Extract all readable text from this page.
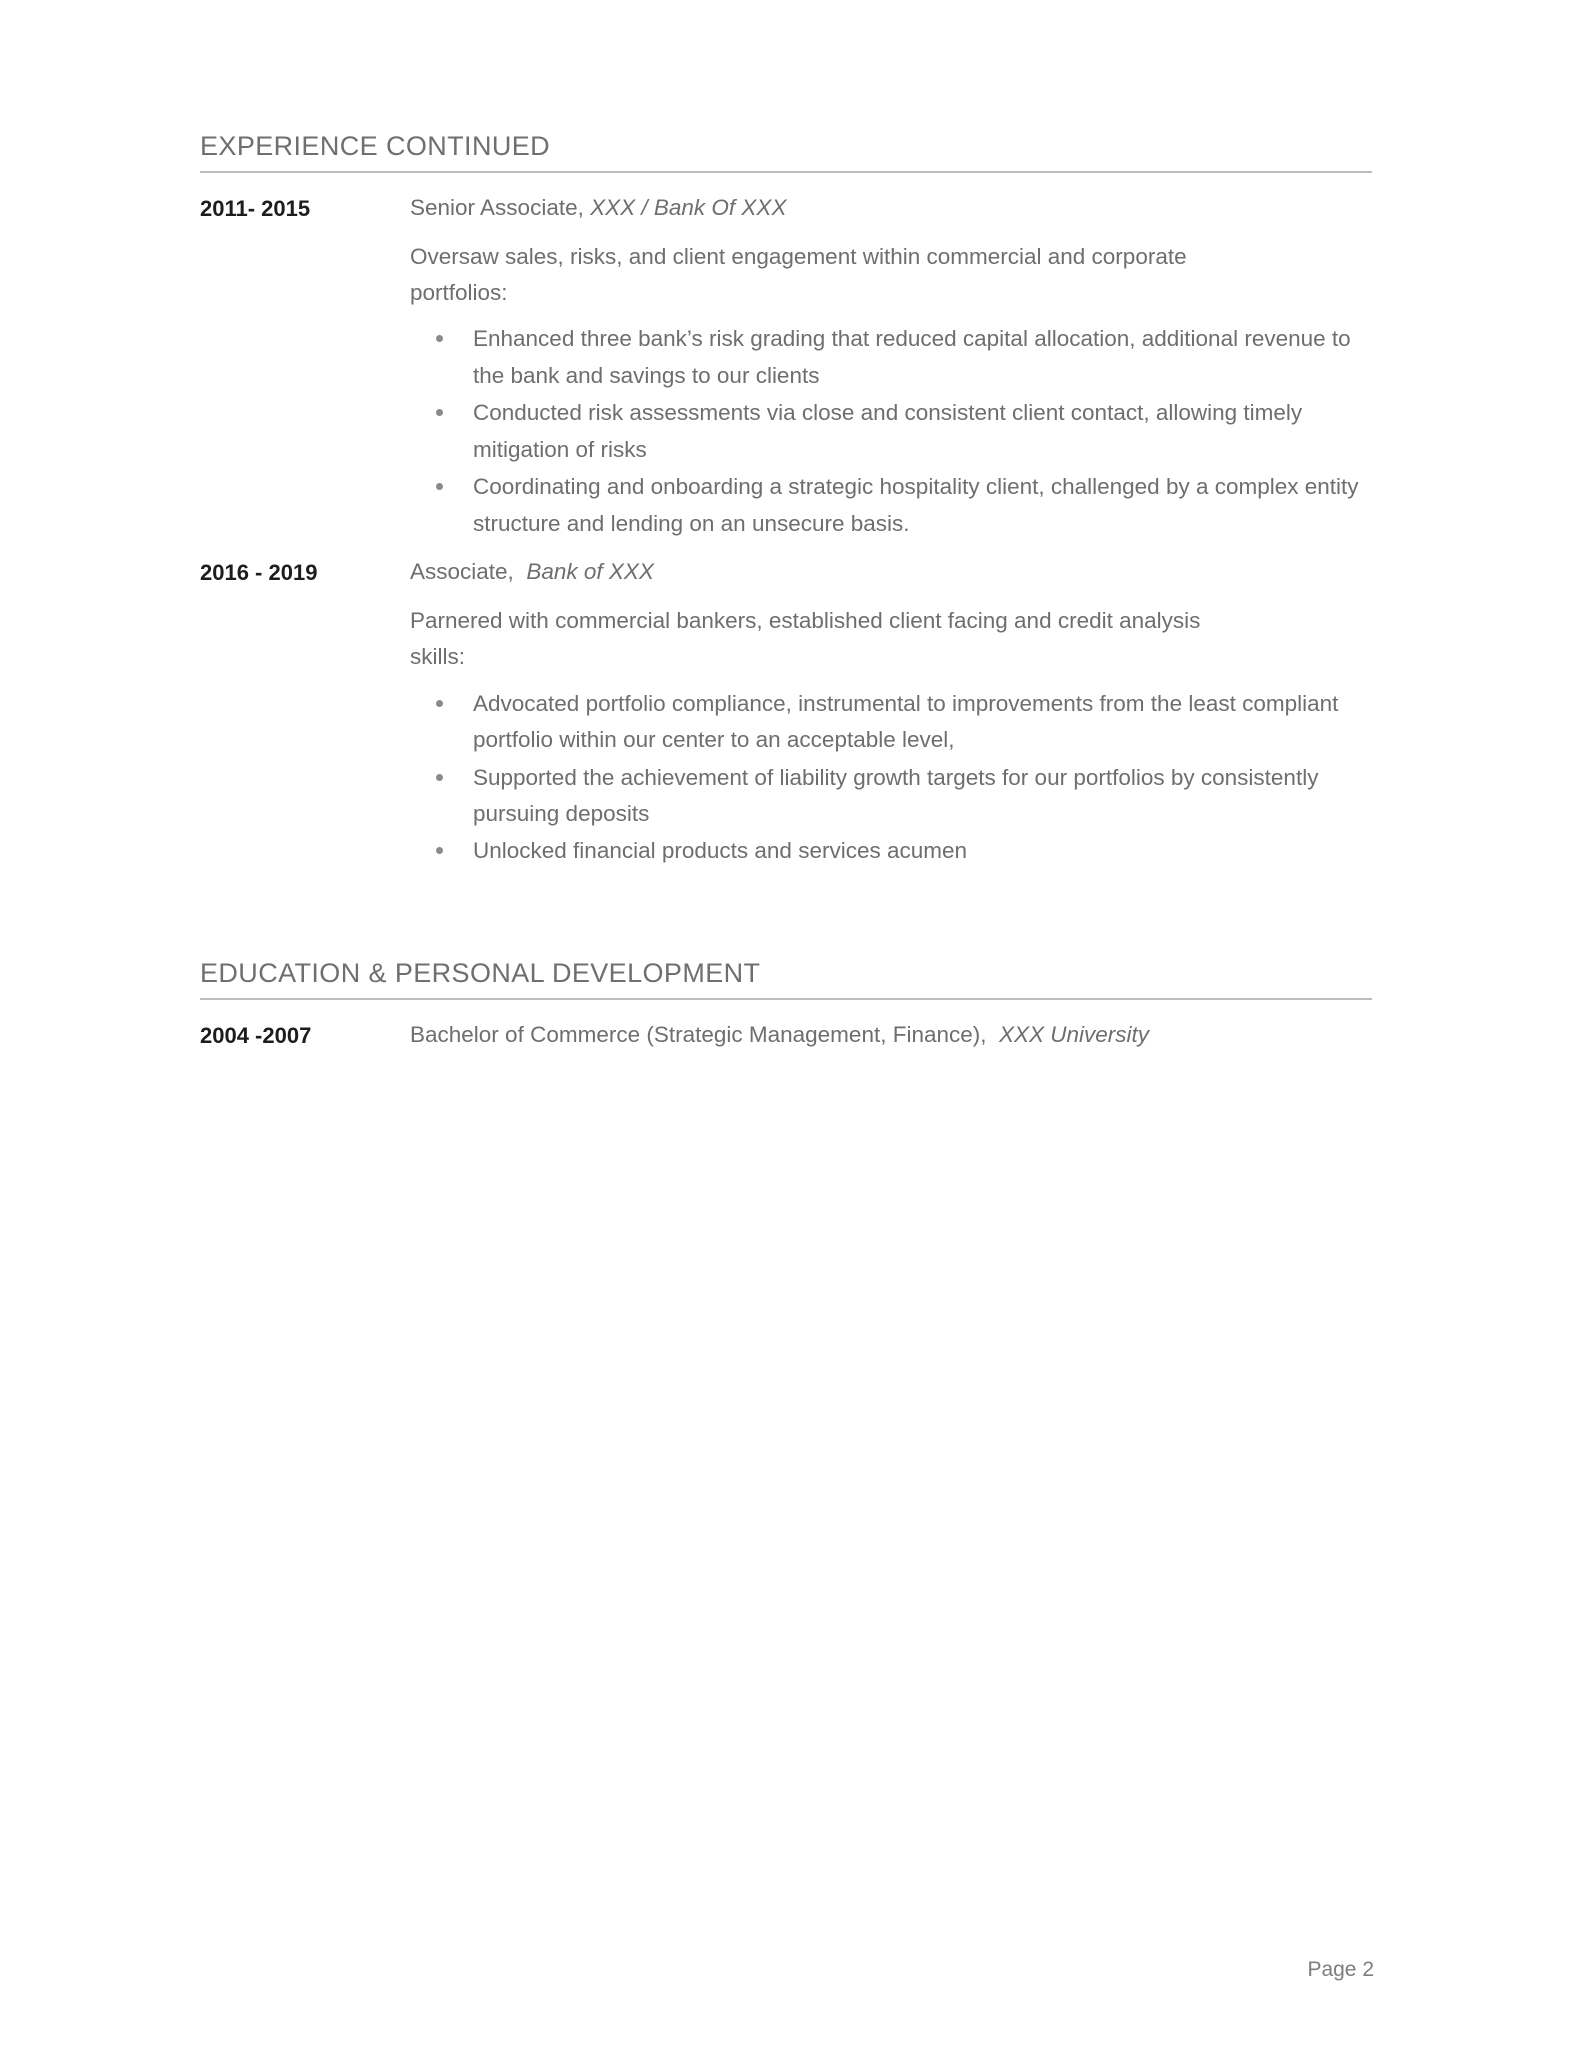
EXPERIENCE CONTINUED
2011- 2015	Senior Associate, XXX / Bank Of XXX
Oversaw sales, risks, and client engagement within commercial and corporate portfolios:
Enhanced three bank’s risk grading that reduced capital allocation, additional revenue to the bank and savings to our clients
Conducted risk assessments via close and consistent client contact, allowing timely mitigation of risks
Coordinating and onboarding a strategic hospitality client, challenged by a complex entity structure and lending on an unsecure basis.
2016 - 2019	Associate,  Bank of XXX
Parnered with commercial bankers, established client facing and credit analysis skills:
Advocated portfolio compliance, instrumental to improvements from the least compliant portfolio within our center to an acceptable level,
Supported the achievement of liability growth targets for our portfolios by consistently pursuing deposits
Unlocked financial products and services acumen
EDUCATION & PERSONAL DEVELOPMENT
2004 -2007	Bachelor of Commerce (Strategic Management, Finance),  XXX University
Page 2
